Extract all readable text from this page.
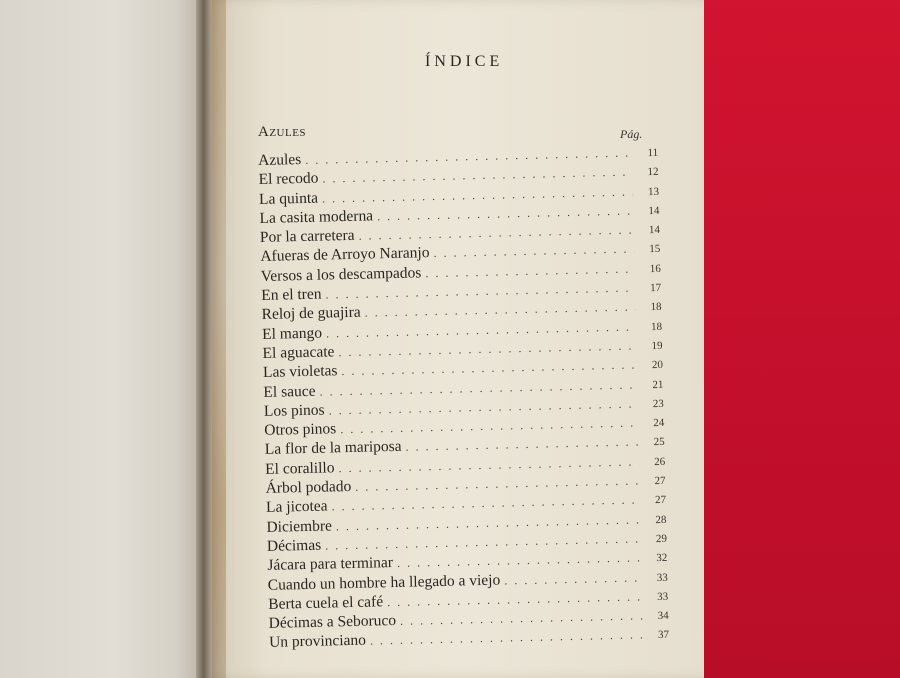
ÍNDICE
Azules	Pág.
Azules . . .	11
El recodo . . .	12
La quinta . . .	13
La casita moderna . . .	14
Por la carretera . . .	14
Afueras de Arroyo Naranjo . . .	15
Versos a los descampados . . .	16
En el tren . . .	17
Reloj de guajira . . .	18
El mango . . .	18
El aguacate . . .	19
Las violetas . . .	20
El sauce . . .	21
Los pinos . . .	23
Otros pinos . . .	24
La flor de la mariposa . . .	25
El coralillo . . .	26
Árbol podado . . .	27
La jicotea . . .	27
Diciembre . . .	28
Décimas . . .	29
Jácara para terminar . . .	32
Cuando un hombre ha llegado a viejo . . .	33
Berta cuela el café . . .	33
Décimas a Seboruco . . .	34
Un provinciano . . .	37
